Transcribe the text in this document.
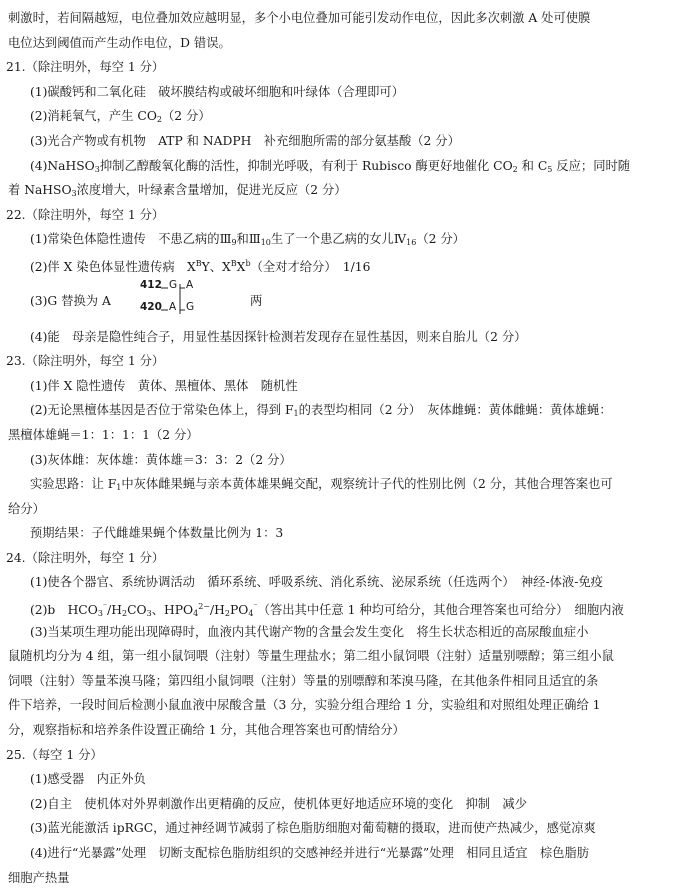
刺激时，若间隔越短，电位叠加效应越明显，多个小电位叠加可能引发动作电位，因此多次刺激 A 处可使膜
电位达到阈值而产生动作电位，D 错误。
21.（除注明外，每空 1 分）
(1)碳酸钙和二氧化硅　破坏膜结构或破坏细胞和叶绿体（合理即可）
(2)消耗氧气，产生 $CO_2(2$ 分）
(3)光合产物或有机物　ATP 和 NADPH　补充细胞所需的部分氨基酸（2 分）
(4)NaHSO$_3$抑制乙醇酸氧化酶的活性，抑制光呼吸，有利于 Rubisco 酶更好地催化 $CO_2$ 和 $C_5$ 反应；同时随
着 NaHSO$_3$浓度增大，叶绿素含量增加，促进光反应（2 分）
22.（除注明外，每空 1 分）
(1)常染色体隐性遗传　不患乙病的$Ⅲ_9$和$Ⅲ_{10}$生了一个患乙病的女儿$Ⅳ_{16}(2$ 分）
(2)伴 X 染色体显性遗传病　$X^BY$、$X^BX^b$（全对才给分）　1/16
(3)G 替换为 A
412
420
G
A
A
G	两
(4)能　母亲是隐性纯合子，用显性基因探针检测若发现存在显性基因，则来自胎儿（2 分）
23.（除注明外，每空 1 分）
(1)伴 X 隐性遗传　黄体、黑檀体、黑体　随机性
(2)无论黑檀体基因是否位于常染色体上，得到 $F_1$的表型均相同（2 分）　灰体雌蝇：黄体雌蝇：黄体雄蝇：
黑檀体雄蝇＝1：1：1：1（2 分）
(3)灰体雌：灰体雄：黄体雄＝3：3：2（2 分）
实验思路：让 $F_1$中灰体雌果蝇与亲本黄体雄果蝇交配，观察统计子代的性别比例（2 分，其他合理答案也可
给分）
预期结果：子代雌雄果蝇个体数量比例为 1：3
24.（除注明外，每空 1 分）
(1)使各个器官、系统协调活动　循环系统、呼吸系统、消化系统、泌尿系统（任选两个）　神经-体液-免疫
(2)b　$HCO_3^{^-}/H_2CO_3$、$HPO_4^{2-}/H_2PO_4^{^-}$（答出其中任意 1 种均可给分，其他合理答案也可给分）　细胞内液
(3)当某项生理功能出现障碍时，血液内其代谢产物的含量会发生变化　将生长状态相近的高尿酸血症小
鼠随机均分为 4 组，第一组小鼠饲喂（注射）等量生理盐水；第二组小鼠饲喂（注射）适量别嘌醇；第三组小鼠
饲喂（注射）等量苯溴马隆；第四组小鼠饲喂（注射）等量的别嘌醇和苯溴马隆，在其他条件相同且适宜的条
件下培养，一段时间后检测小鼠血液中尿酸含量（3 分，实验分组合理给 1 分，实验组和对照组处理正确给 1
分，观察指标和培养条件设置正确给 1 分，其他合理答案也可酌情给分）
25.（每空 1 分）
(1)感受器　内正外负
(2)自主　使机体对外界刺激作出更精确的反应，使机体更好地适应环境的变化　抑制　减少
(3)蓝光能激活 ipRGC，通过神经调节减弱了棕色脂肪细胞对葡萄糖的摄取，进而使产热减少，感觉凉爽
(4)进行“光暴露”处理　切断支配棕色脂肪组织的交感神经并进行“光暴露”处理　相同且适宜　棕色脂肪
细胞产热量
